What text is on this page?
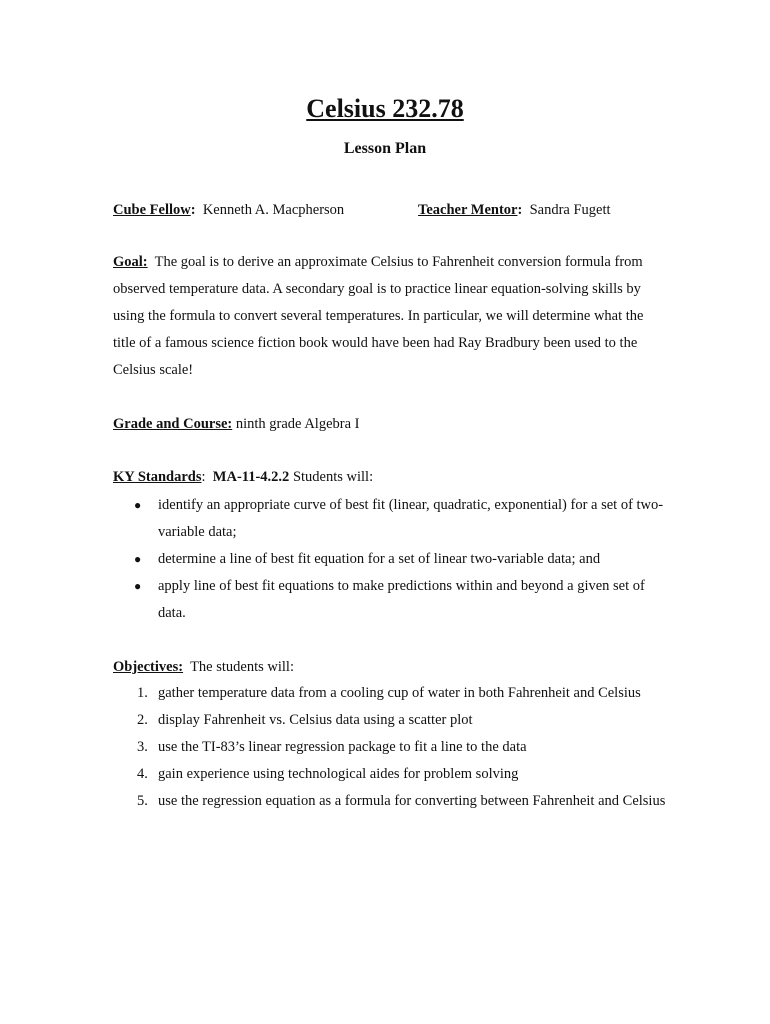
Celsius 232.78
Lesson Plan
Cube Fellow: Kenneth A. Macpherson	Teacher Mentor: Sandra Fugett
Goal: The goal is to derive an approximate Celsius to Fahrenheit conversion formula from observed temperature data. A secondary goal is to practice linear equation-solving skills by using the formula to convert several temperatures. In particular, we will determine what the title of a famous science fiction book would have been had Ray Bradbury been used to the Celsius scale!
Grade and Course: ninth grade Algebra I
KY Standards: MA-11-4.2.2 Students will:
● identify an appropriate curve of best fit (linear, quadratic, exponential) for a set of two-variable data;
● determine a line of best fit equation for a set of linear two-variable data; and
● apply line of best fit equations to make predictions within and beyond a given set of data.
Objectives: The students will:
1. gather temperature data from a cooling cup of water in both Fahrenheit and Celsius
2. display Fahrenheit vs. Celsius data using a scatter plot
3. use the TI-83’s linear regression package to fit a line to the data
4. gain experience using technological aides for problem solving
5. use the regression equation as a formula for converting between Fahrenheit and Celsius
